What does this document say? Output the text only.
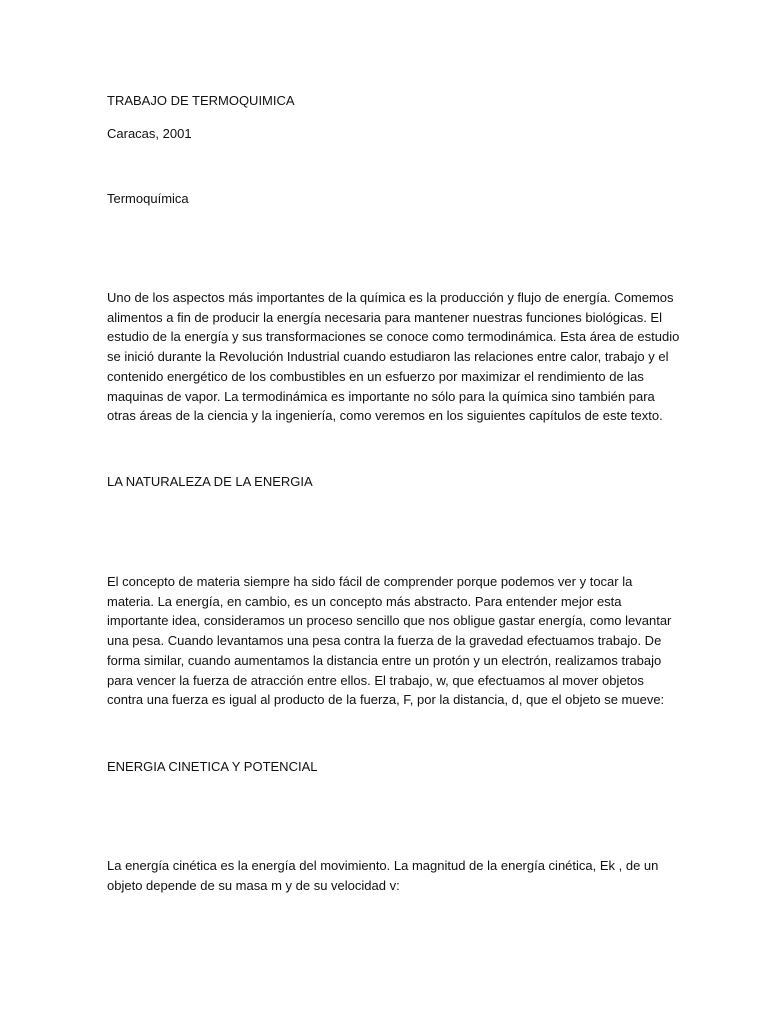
TRABAJO DE TERMOQUIMICA

Caracas, 2001

Termoquímica

Uno de los aspectos más importantes de la química es la producción y flujo de energía. Comemos
alimentos a fin de producir la energía necesaria para mantener nuestras funciones biológicas. El
estudio de la energía y sus transformaciones se conoce como termodinámica. Esta área de estudio
se inició durante la Revolución Industrial cuando estudiaron las relaciones entre calor, trabajo y el
contenido energético de los combustibles en un esfuerzo por maximizar el rendimiento de las
maquinas de vapor. La termodinámica es importante no sólo para la química sino también para
otras áreas de la ciencia y la ingeniería, como veremos en los siguientes capítulos de este texto.

LA NATURALEZA DE LA ENERGIA

El concepto de materia siempre ha sido fácil de comprender porque podemos ver y tocar la
materia. La energía, en cambio, es un concepto más abstracto. Para entender mejor esta
importante idea, consideramos un proceso sencillo que nos obligue gastar energía, como levantar
una pesa. Cuando levantamos una pesa contra la fuerza de la gravedad efectuamos trabajo. De
forma similar, cuando aumentamos la distancia entre un protón y un electrón, realizamos trabajo
para vencer la fuerza de atracción entre ellos. El trabajo, w, que efectuamos al mover objetos
contra una fuerza es igual al producto de la fuerza, F, por la distancia, d, que el objeto se mueve:

ENERGIA CINETICA Y POTENCIAL

La energía cinética es la energía del movimiento. La magnitud de la energía cinética, Ek , de un
objeto depende de su masa m y de su velocidad v:
